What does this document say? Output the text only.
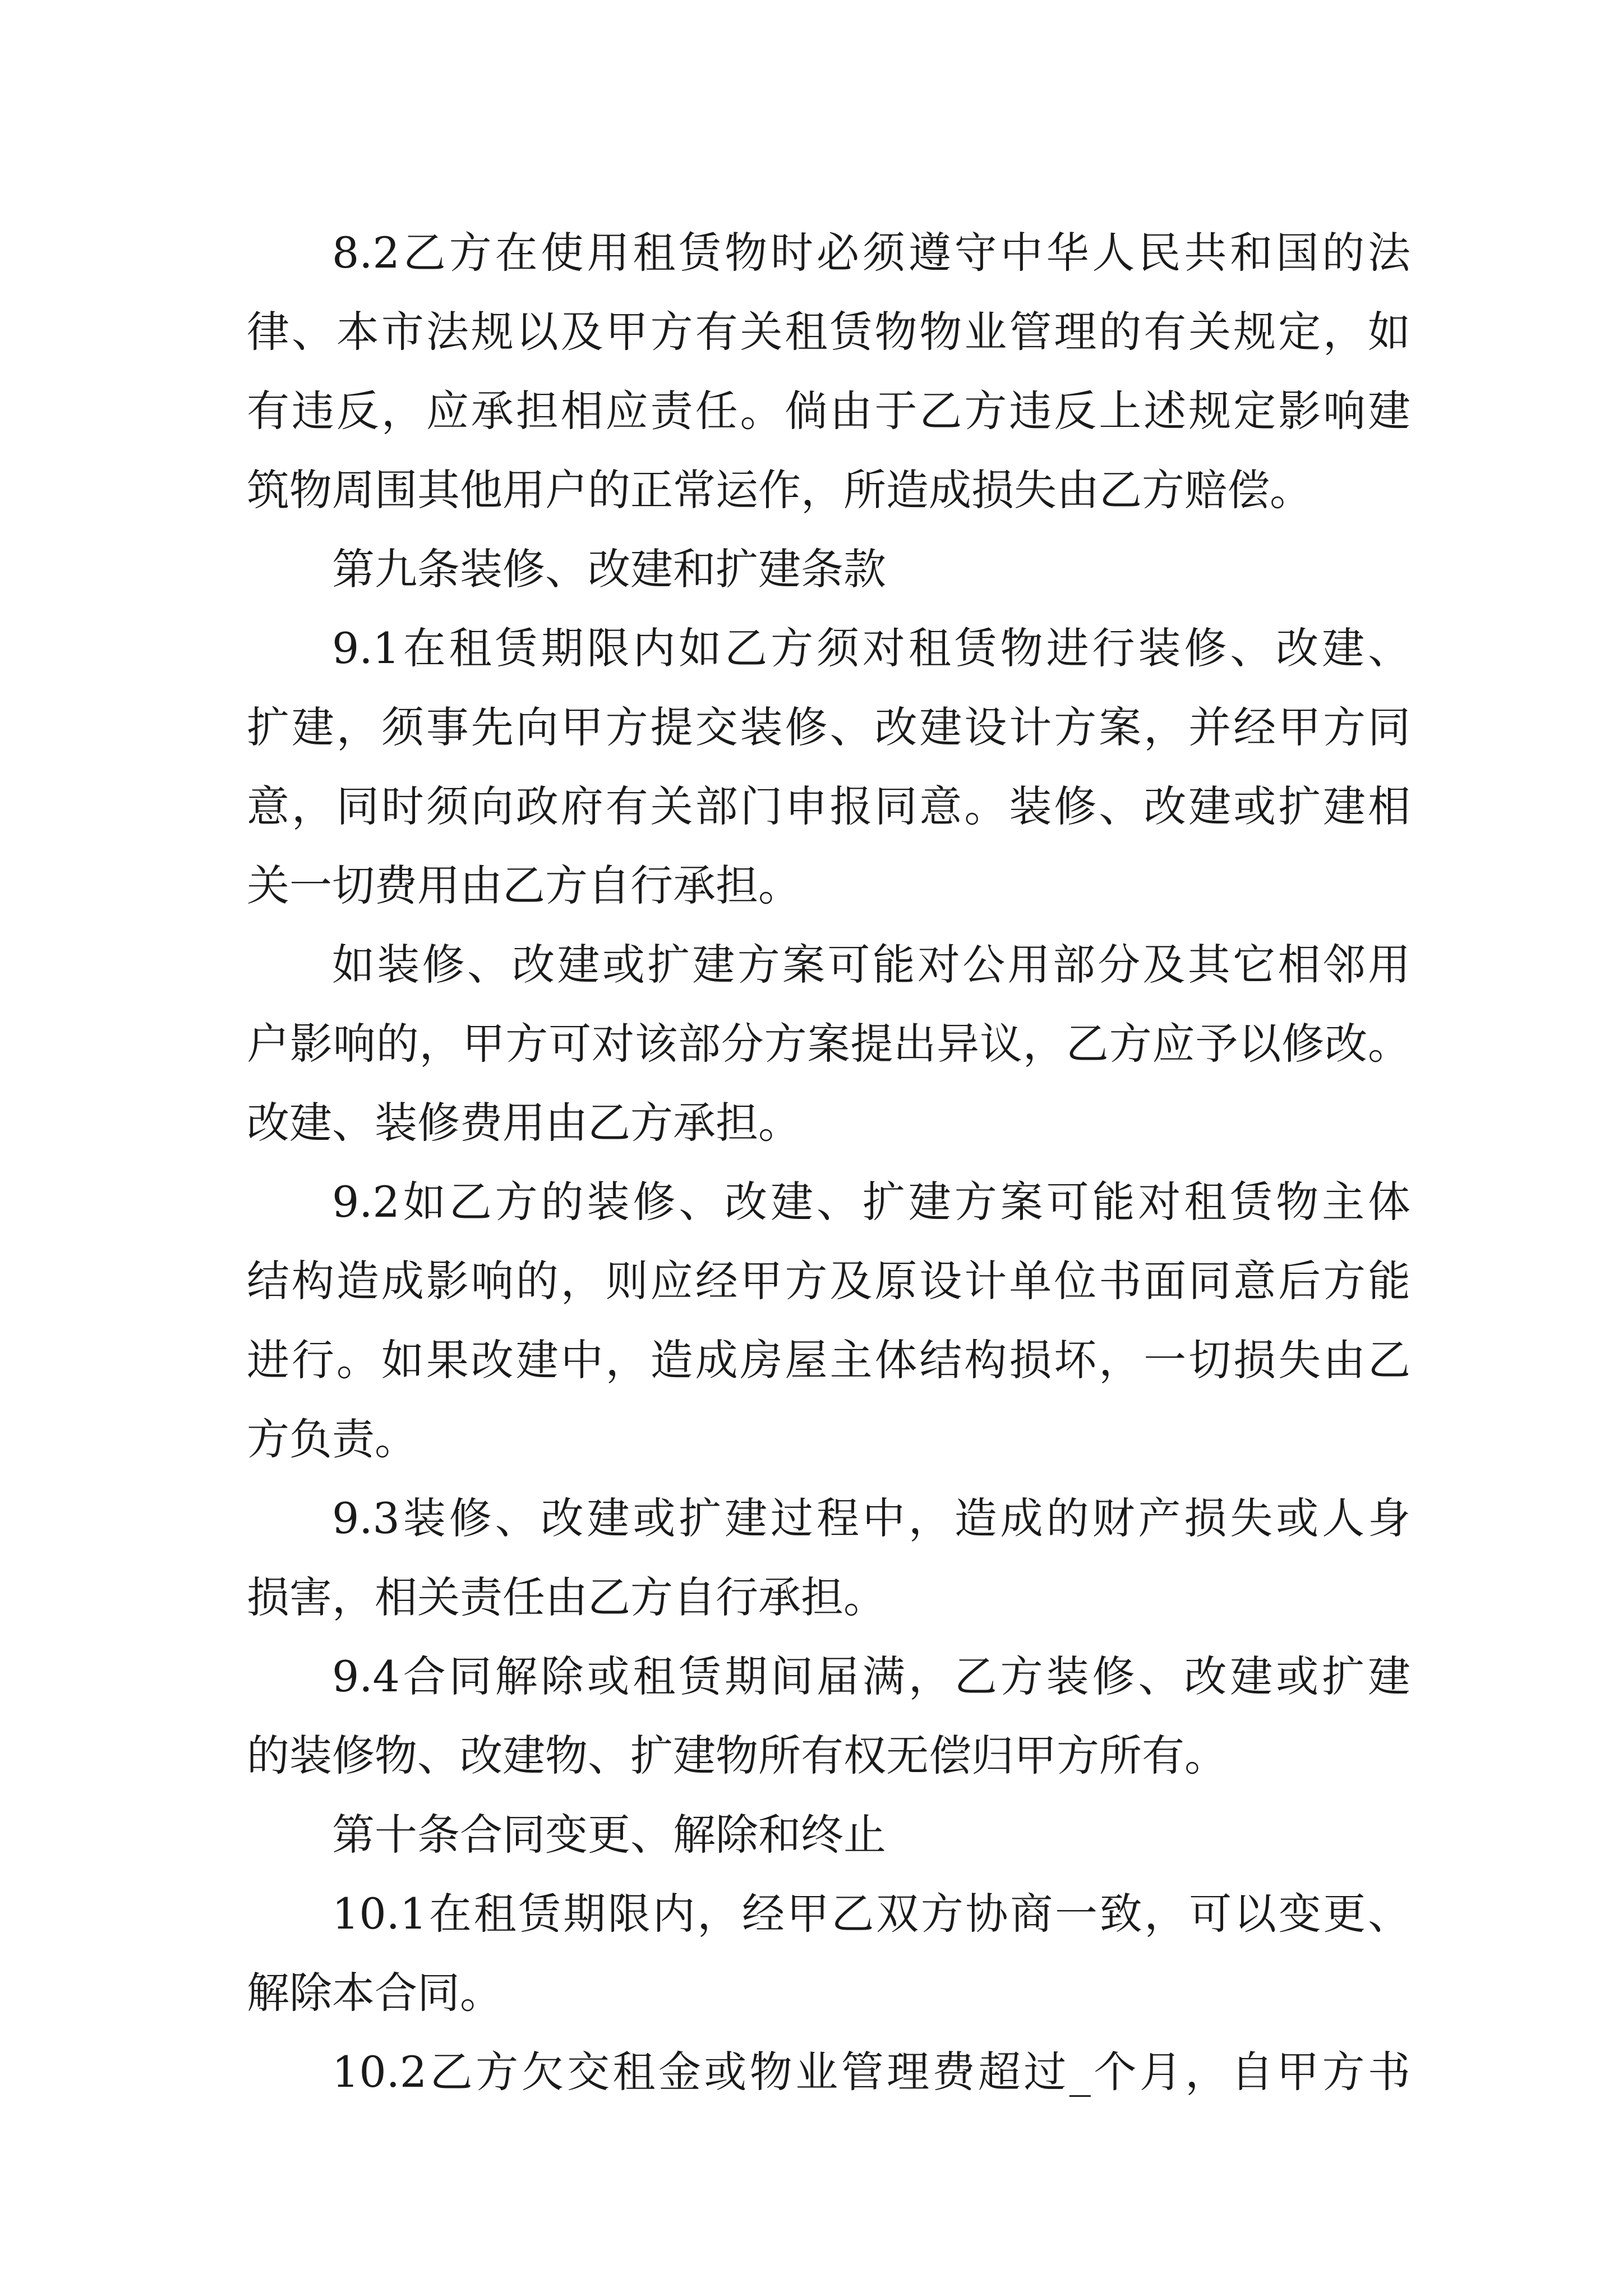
8.2乙方在使用租赁物时必须遵守中华人民共和国的法
律、本市法规以及甲方有关租赁物物业管理的有关规定，如
有违反，应承担相应责任。倘由于乙方违反上述规定影响建
筑物周围其他用户的正常运作，所造成损失由乙方赔偿。
第九条装修、改建和扩建条款
9.1在租赁期限内如乙方须对租赁物进行装修、改建、
扩建，须事先向甲方提交装修、改建设计方案，并经甲方同
意，同时须向政府有关部门申报同意。装修、改建或扩建相
关一切费用由乙方自行承担。
如装修、改建或扩建方案可能对公用部分及其它相邻用
户影响的，甲方可对该部分方案提出异议，乙方应予以修改。
改建、装修费用由乙方承担。
9.2如乙方的装修、改建、扩建方案可能对租赁物主体
结构造成影响的，则应经甲方及原设计单位书面同意后方能
进行。如果改建中，造成房屋主体结构损坏，一切损失由乙
方负责。
9.3装修、改建或扩建过程中，造成的财产损失或人身
损害，相关责任由乙方自行承担。
9.4合同解除或租赁期间届满，乙方装修、改建或扩建
的装修物、改建物、扩建物所有权无偿归甲方所有。
第十条合同变更、解除和终止
10.1在租赁期限内，经甲乙双方协商一致，可以变更、
解除本合同。
10.2乙方欠交租金或物业管理费超过_个月，自甲方书
